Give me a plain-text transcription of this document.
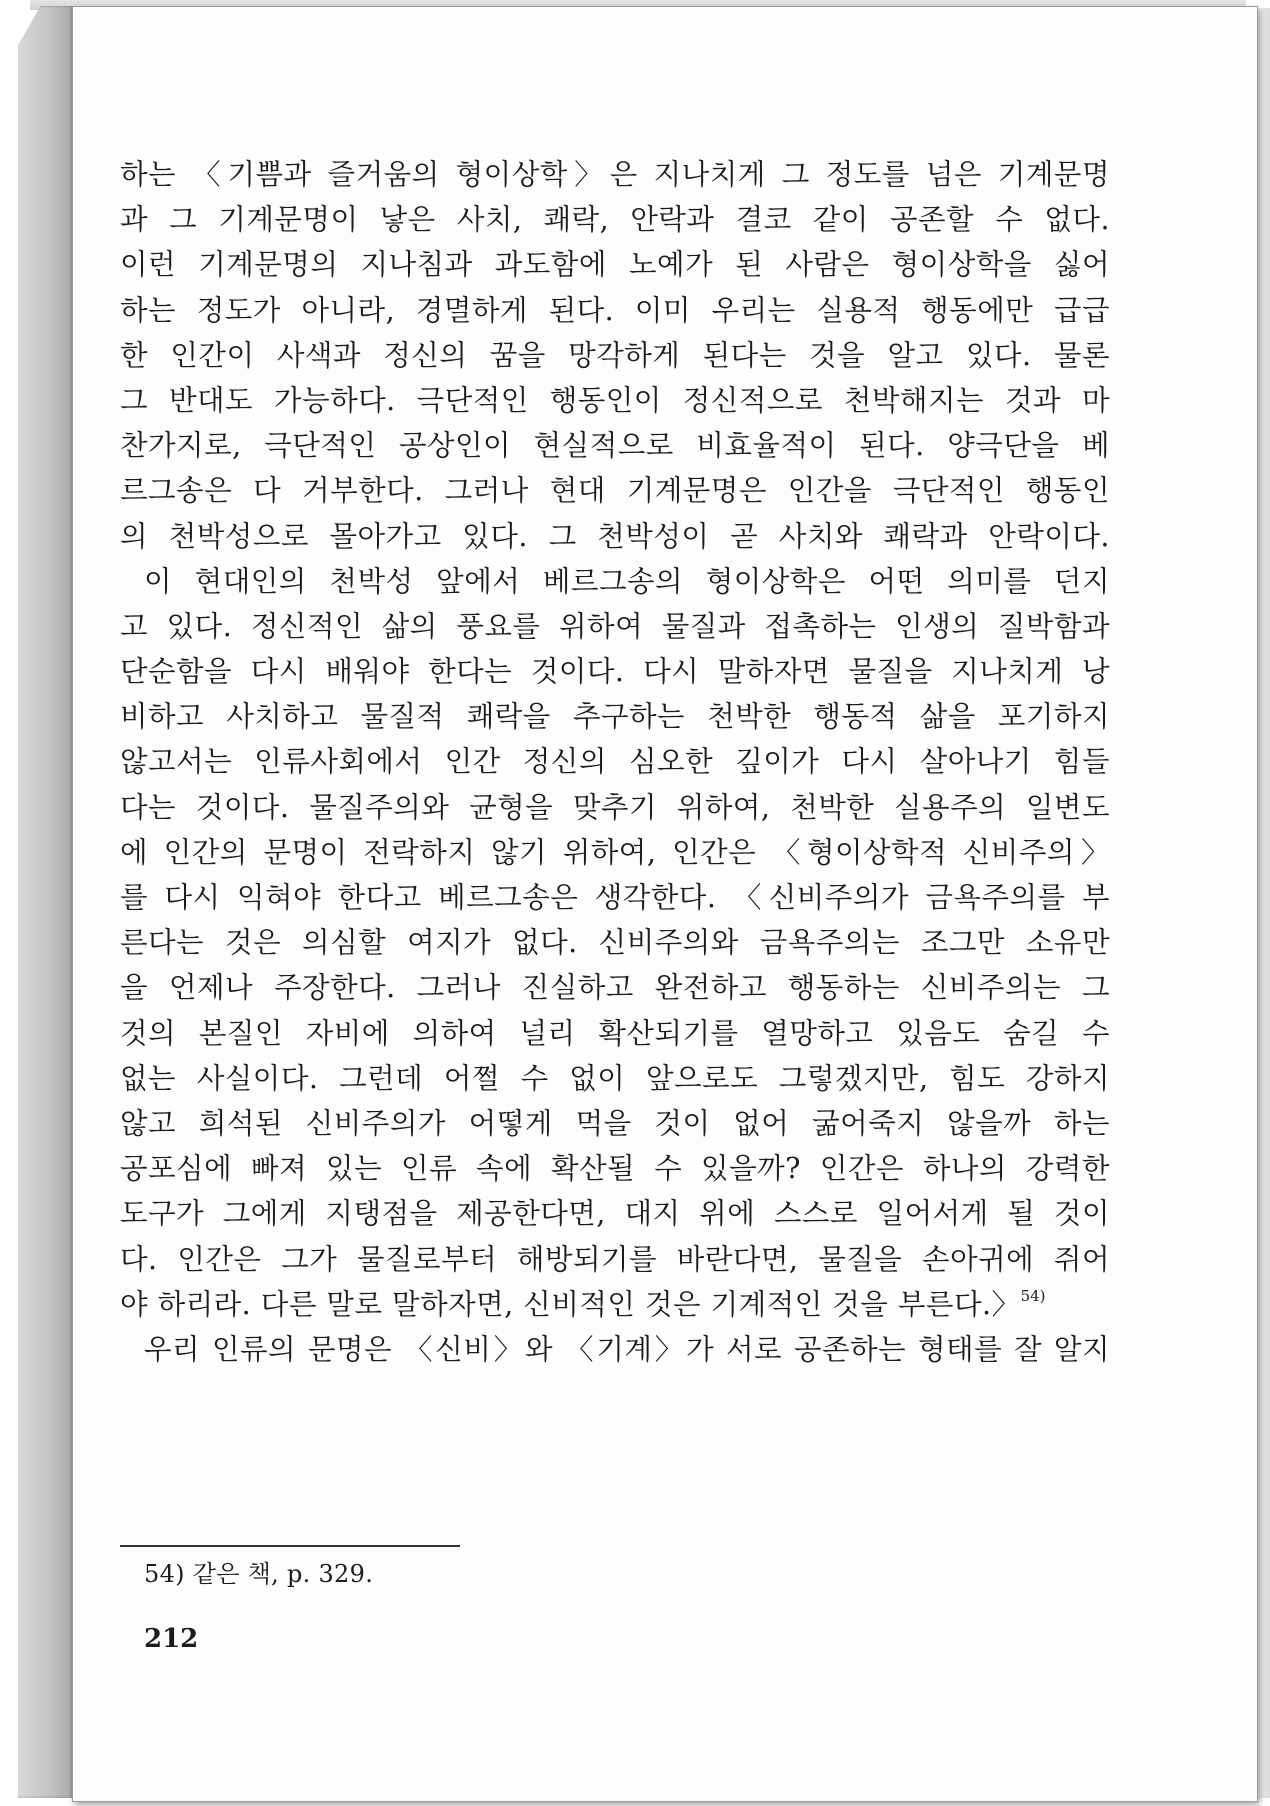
하는 〈기쁨과 즐거움의 형이상학〉은 지나치게 그 정도를 넘은 기계문명
과 그 기계문명이 낳은 사치, 쾌락, 안락과 결코 같이 공존할 수 없다.
이런 기계문명의 지나침과 과도함에 노예가 된 사람은 형이상학을 싫어
하는 정도가 아니라, 경멸하게 된다. 이미 우리는 실용적 행동에만 급급
한 인간이 사색과 정신의 꿈을 망각하게 된다는 것을 알고 있다. 물론
그 반대도 가능하다. 극단적인 행동인이 정신적으로 천박해지는 것과 마
찬가지로, 극단적인 공상인이 현실적으로 비효율적이 된다. 양극단을 베
르그송은 다 거부한다. 그러나 현대 기계문명은 인간을 극단적인 행동인
의 천박성으로 몰아가고 있다. 그 천박성이 곧 사치와 쾌락과 안락이다.
이 현대인의 천박성 앞에서 베르그송의 형이상학은 어떤 의미를 던지
고 있다. 정신적인 삶의 풍요를 위하여 물질과 접촉하는 인생의 질박함과
단순함을 다시 배워야 한다는 것이다. 다시 말하자면 물질을 지나치게 낭
비하고 사치하고 물질적 쾌락을 추구하는 천박한 행동적 삶을 포기하지
않고서는 인류사회에서 인간 정신의 심오한 깊이가 다시 살아나기 힘들
다는 것이다. 물질주의와 균형을 맞추기 위하여, 천박한 실용주의 일변도
에 인간의 문명이 전락하지 않기 위하여, 인간은 〈형이상학적 신비주의〉
를 다시 익혀야 한다고 베르그송은 생각한다. 〈신비주의가 금욕주의를 부
른다는 것은 의심할 여지가 없다. 신비주의와 금욕주의는 조그만 소유만
을 언제나 주장한다. 그러나 진실하고 완전하고 행동하는 신비주의는 그
것의 본질인 자비에 의하여 널리 확산되기를 열망하고 있음도 숨길 수
없는 사실이다. 그런데 어쩔 수 없이 앞으로도 그렇겠지만, 힘도 강하지
않고 희석된 신비주의가 어떻게 먹을 것이 없어 굶어죽지 않을까 하는
공포심에 빠져 있는 인류 속에 확산될 수 있을까? 인간은 하나의 강력한
도구가 그에게 지탱점을 제공한다면, 대지 위에 스스로 일어서게 될 것이
다. 인간은 그가 물질로부터 해방되기를 바란다면, 물질을 손아귀에 쥐어
야 하리라. 다른 말로 말하자면, 신비적인 것은 기계적인 것을 부른다.〉$^{54)}$
우리 인류의 문명은 〈신비〉와 〈기계〉가 서로 공존하는 형태를 잘 알지
54) 같은 책, p. 329.
212
